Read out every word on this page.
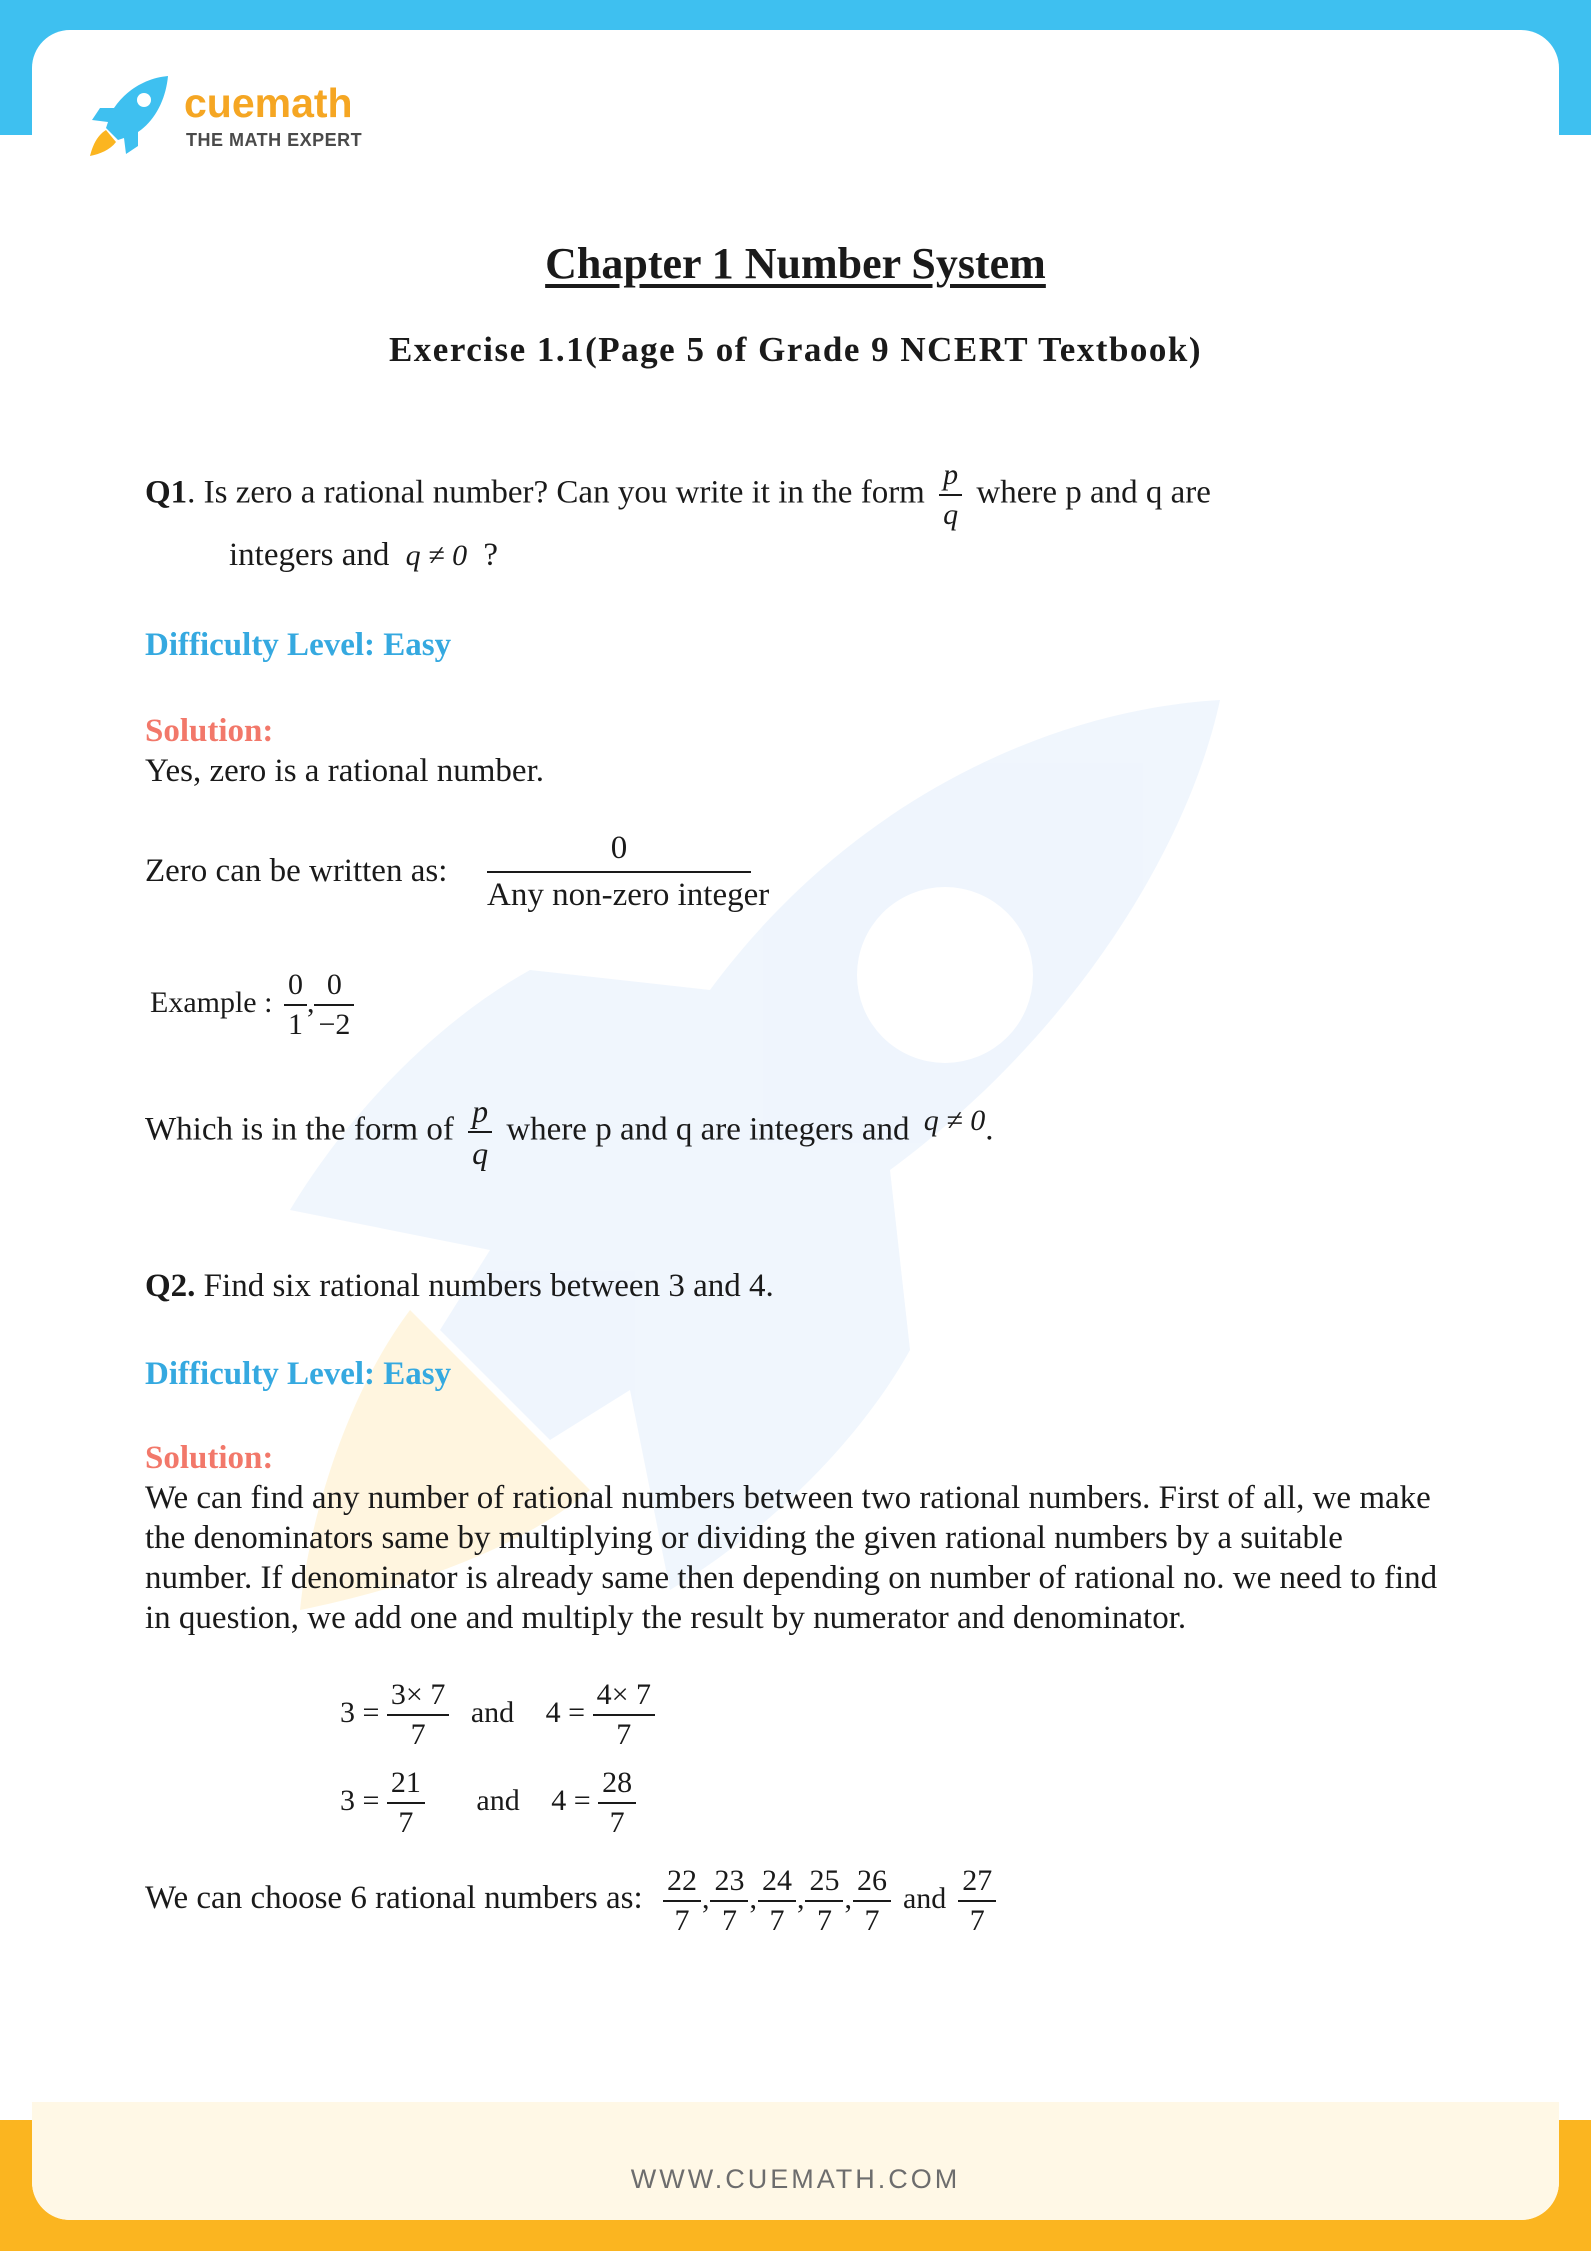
cuemath
THE MATH EXPERT
Chapter 1 Number System
Exercise 1.1(Page 5 of Grade 9 NCERT Textbook)
Q1. Is zero a rational number? Can you write it in the form $\frac{p}{q}$ where p and q are
integers and q ≠ 0 ?
Difficulty Level: Easy
Solution:
Yes, zero is a rational number.
Zero can be written as:
0
Any non-zero integer
Example : $\frac{0}{1}$ , $\frac{0}{-2}$
Which is in the form of $\frac{p}{q}$ where p and q are integers and q ≠ 0.
Q2. Find six rational numbers between 3 and 4.
Difficulty Level: Easy
Solution:
We can find any number of rational numbers between two rational numbers. First of all, we make the denominators same by multiplying or dividing the given rational numbers by a suitable number. If denominator is already same then depending on number of rational no. we need to find in question, we add one and multiply the result by numerator and denominator.
$3 = \frac{3\times 7}{7}$ and $4 = \frac{4\times 7}{7}$
$3 = \frac{21}{7}$ and $4 = \frac{28}{7}$
We can choose 6 rational numbers as: $\frac{22}{7}$ , $\frac{23}{7}$ , $\frac{24}{7}$ , $\frac{25}{7}$ , $\frac{26}{7}$ and $\frac{27}{7}$
WWW.CUEMATH.COM
